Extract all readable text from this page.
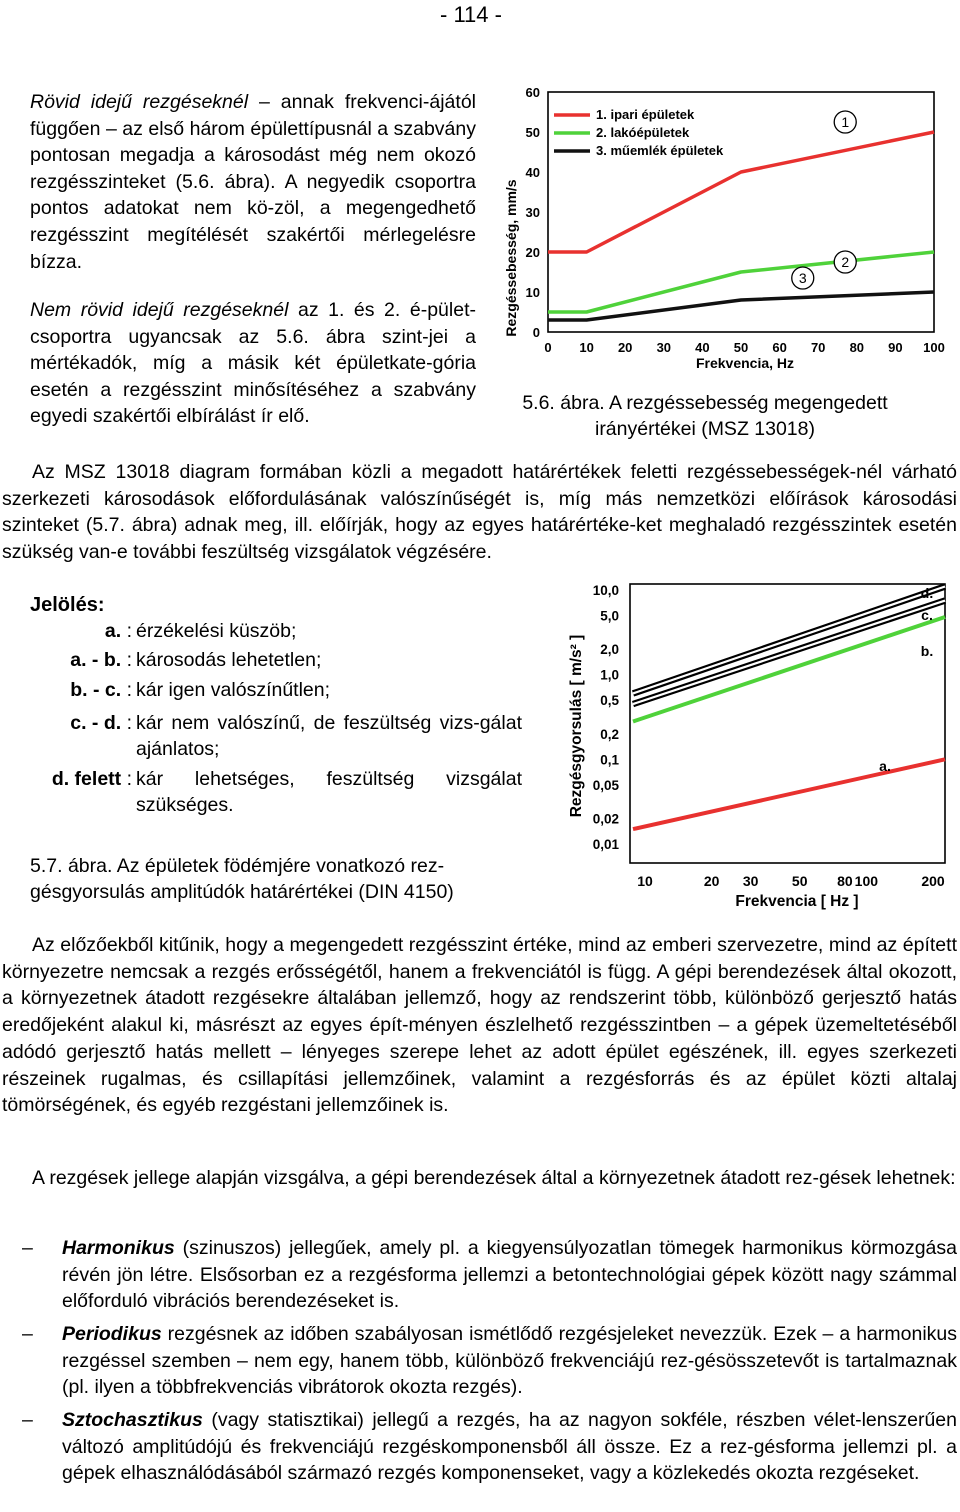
- 114 -
Rövid idejű rezgéseknél – annak frekvenci-ájától függően – az első három épülettípusnál a szabvány pontosan megadja a károsodást még nem okozó rezgésszinteket (5.6. ábra). A negyedik csoportra pontos adatokat nem kö-zöl, a megengedhető rezgésszint megítélését szakértői mérlegelésre bízza.
Nem rövid idejű rezgéseknél az 1. és 2. é-pület-csoportra ugyancsak az 5.6. ábra szint-jei a mértékadók, míg a másik két épületkate-gória esetén a rezgésszint minősítéséhez a szabvány egyedi szakértői elbírálást ír elő.
Rezgéssebesség, mm/s 0
10
20
30
40
50
60
0 10 20 30 40 50 60 70 80 90 100
1
2
3
1. ipari épületek
2. lakóépületek
3. műemlék épületek
Frekvencia, Hz
5.6. ábra. A rezgéssebesség megengedett
irányértékei (MSZ 13018)
Az MSZ 13018 diagram formában közli a megadott határértékek feletti rezgéssebességek-nél várható szerkezeti károsodások előfordulásának valószínűségét is, míg más nemzetközi előírások károsodási szinteket (5.7. ábra) adnak meg, ill. előírják, hogy az egyes határértéke-ket meghaladó rezgésszintek esetén szükség van-e további feszültség vizsgálatok végzésére.
Jelölés:
a. : érzékelési küszöb;
a. - b. : károsodás lehetetlen;
b. - c. : kár igen valószínűtlen;
c. - d. : kár nem valószínű, de feszültség vizs-gálat ajánlatos;
d. felett : kár lehetséges, feszültség vizsgálat szükséges.
5.7. ábra. Az épületek födémjére vonatkozó rez-
gésgyorsulás amplitúdók határértékei (DIN 4150)
Rezgésgyorsulás [ m/s² ]
10,0
5,0
2,0
1,0
0,5
0,2
0,1
0,05
0,02
0,01
10	20 30 50 80 100	200
d.
c.
b.
a.
Frekvencia [ Hz ]
Az előzőekből kitűnik, hogy a megengedett rezgésszint értéke, mind az emberi szervezetre, mind az épített környezetre nemcsak a rezgés erősségétől, hanem a frekvenciától is függ. A gépi berendezések által okozott, a környezetnek átadott rezgésekre általában jellemző, hogy az rendszerint több, különböző gerjesztő hatás eredőjeként alakul ki, másrészt az egyes épít-ményen észlelhető rezgésszintben – a gépek üzemeltetéséből adódó gerjesztő hatás mellett – lényeges szerepe lehet az adott épület egészének, ill. egyes szerkezeti részeinek rugalmas, és csillapítási jellemzőinek, valamint a rezgésforrás és az épület közti altalaj tömörségének, és egyéb rezgéstani jellemzőinek is.
A rezgések jellege alapján vizsgálva, a gépi berendezések által a környezetnek átadott rez-gések lehetnek:
– Harmonikus (szinuszos) jellegűek, amely pl. a kiegyensúlyozatlan tömegek harmonikus körmozgása révén jön létre. Elsősorban ez a rezgésforma jellemzi a betontechnológiai gépek között nagy számmal előforduló vibrációs berendezéseket is.
– Periodikus rezgésnek az időben szabályosan ismétlődő rezgésjeleket nevezzük. Ezek – a harmonikus rezgéssel szemben – nem egy, hanem több, különböző frekvenciájú rez-gésösszetevőt is tartalmaznak (pl. ilyen a többfrekvenciás vibrátorok okozta rezgés).
– Sztochasztikus (vagy statisztikai) jellegű a rezgés, ha az nagyon sokféle, részben vélet-lenszerűen változó amplitúdójú és frekvenciájú rezgéskomponensből áll össze. Ez a rez-gésforma jellemzi pl. a gépek elhasználódásából származó rezgés komponenseket, vagy a közlekedés okozta rezgéseket.
